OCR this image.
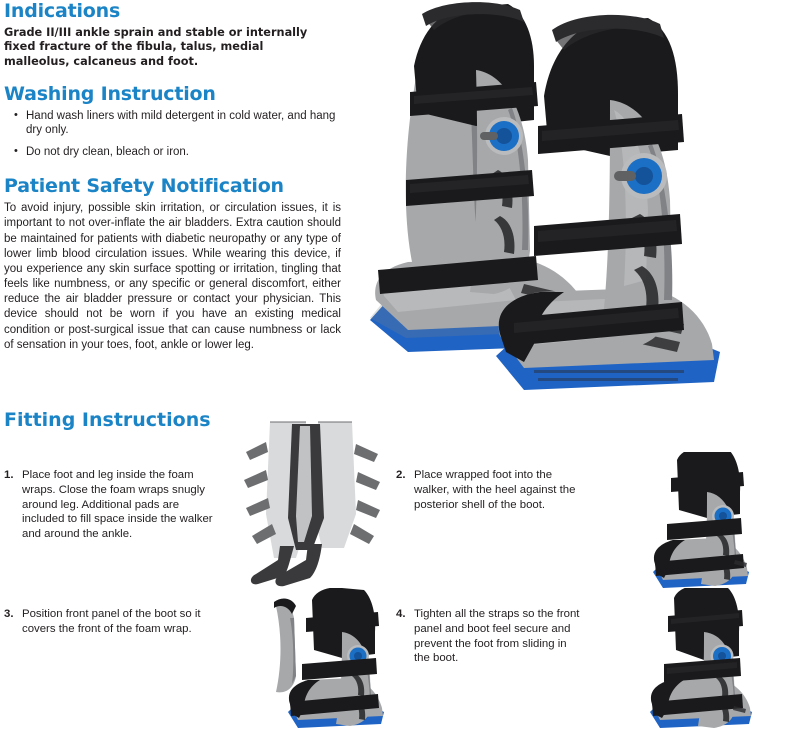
Indications

Grade II/III ankle sprain and stable or internally fixed fracture of the fibula, talus, medial malleolus, calcaneus and foot.

Washing Instruction
• Hand wash liners with mild detergent in cold water, and hang dry only.
• Do not dry clean, bleach or iron.
Patient Safety Notification

To avoid injury, possible skin irritation, or circulation issues, it is important to not over-inflate the air bladders. Extra caution should be maintained for patients with diabetic neuropathy or any type of lower limb blood circulation issues. While wearing this device, if you experience any skin surface spotting or irritation, tingling that feels like numbness, or any specific or general discomfort, either reduce the air bladder pressure or contact your physician. This device should not be worn if you have an existing medical condition or post-surgical issue that can cause numbness or lack of sensation in your toes, foot, ankle or lower leg.

Fitting Instructions
1. Place foot and leg inside the foam wraps. Close the foam wraps snugly around leg. Additional pads are included to fill space inside the walker and around the ankle.
2. Place wrapped foot into the walker, with the heel against the posterior shell of the boot.
3. Position front panel of the boot so it covers the front of the foam wrap.
4. Tighten all the straps so the front panel and boot feel secure and prevent the foot from sliding in the boot.
